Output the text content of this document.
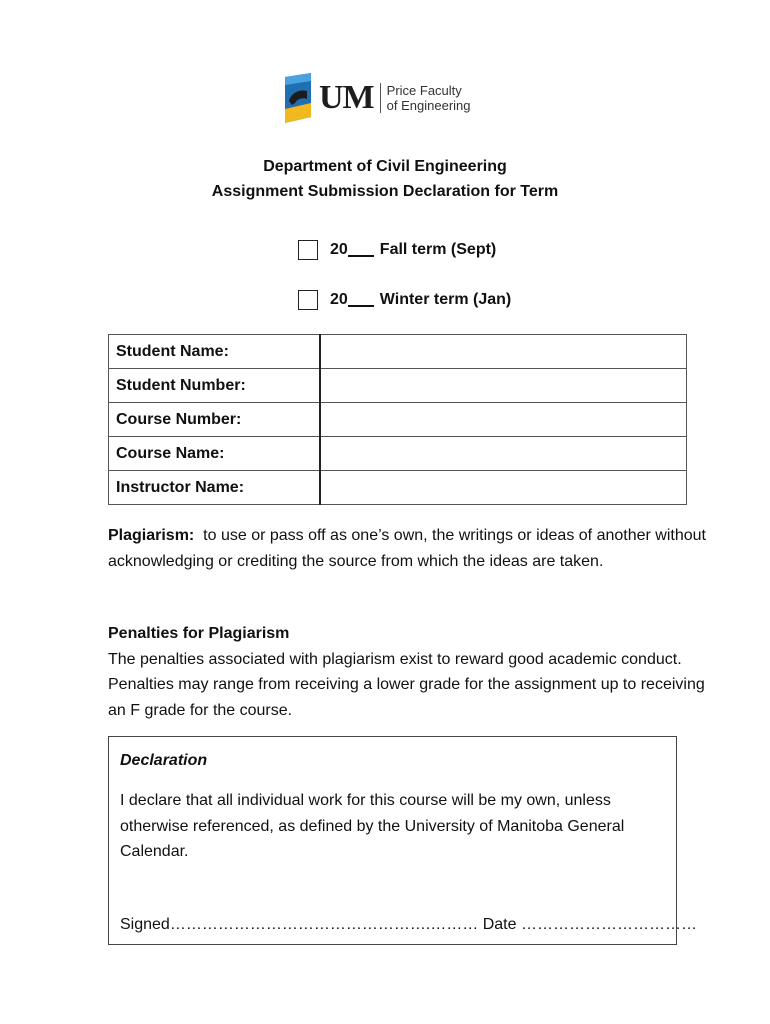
UM Price Faculty
of Engineering
Department of Civil Engineering
Assignment Submission Declaration for Term
20 Fall term (Sept)
20 Winter term (Jan)
Student Name:	
Student Number:	
Course Number:	
Course Name:	
Instructor Name:	
Plagiarism: to use or pass off as one’s own, the writings or ideas of another without acknowledging or crediting the source from which the ideas are taken.
Penalties for Plagiarism
The penalties associated with plagiarism exist to reward good academic conduct. Penalties may range from receiving a lower grade for the assignment up to receiving an F grade for the course.
Declaration
I declare that all individual work for this course will be my own, unless otherwise referenced, as defined by the University of Manitoba General Calendar.
Signed………………………………………….……… Date ……………………………
